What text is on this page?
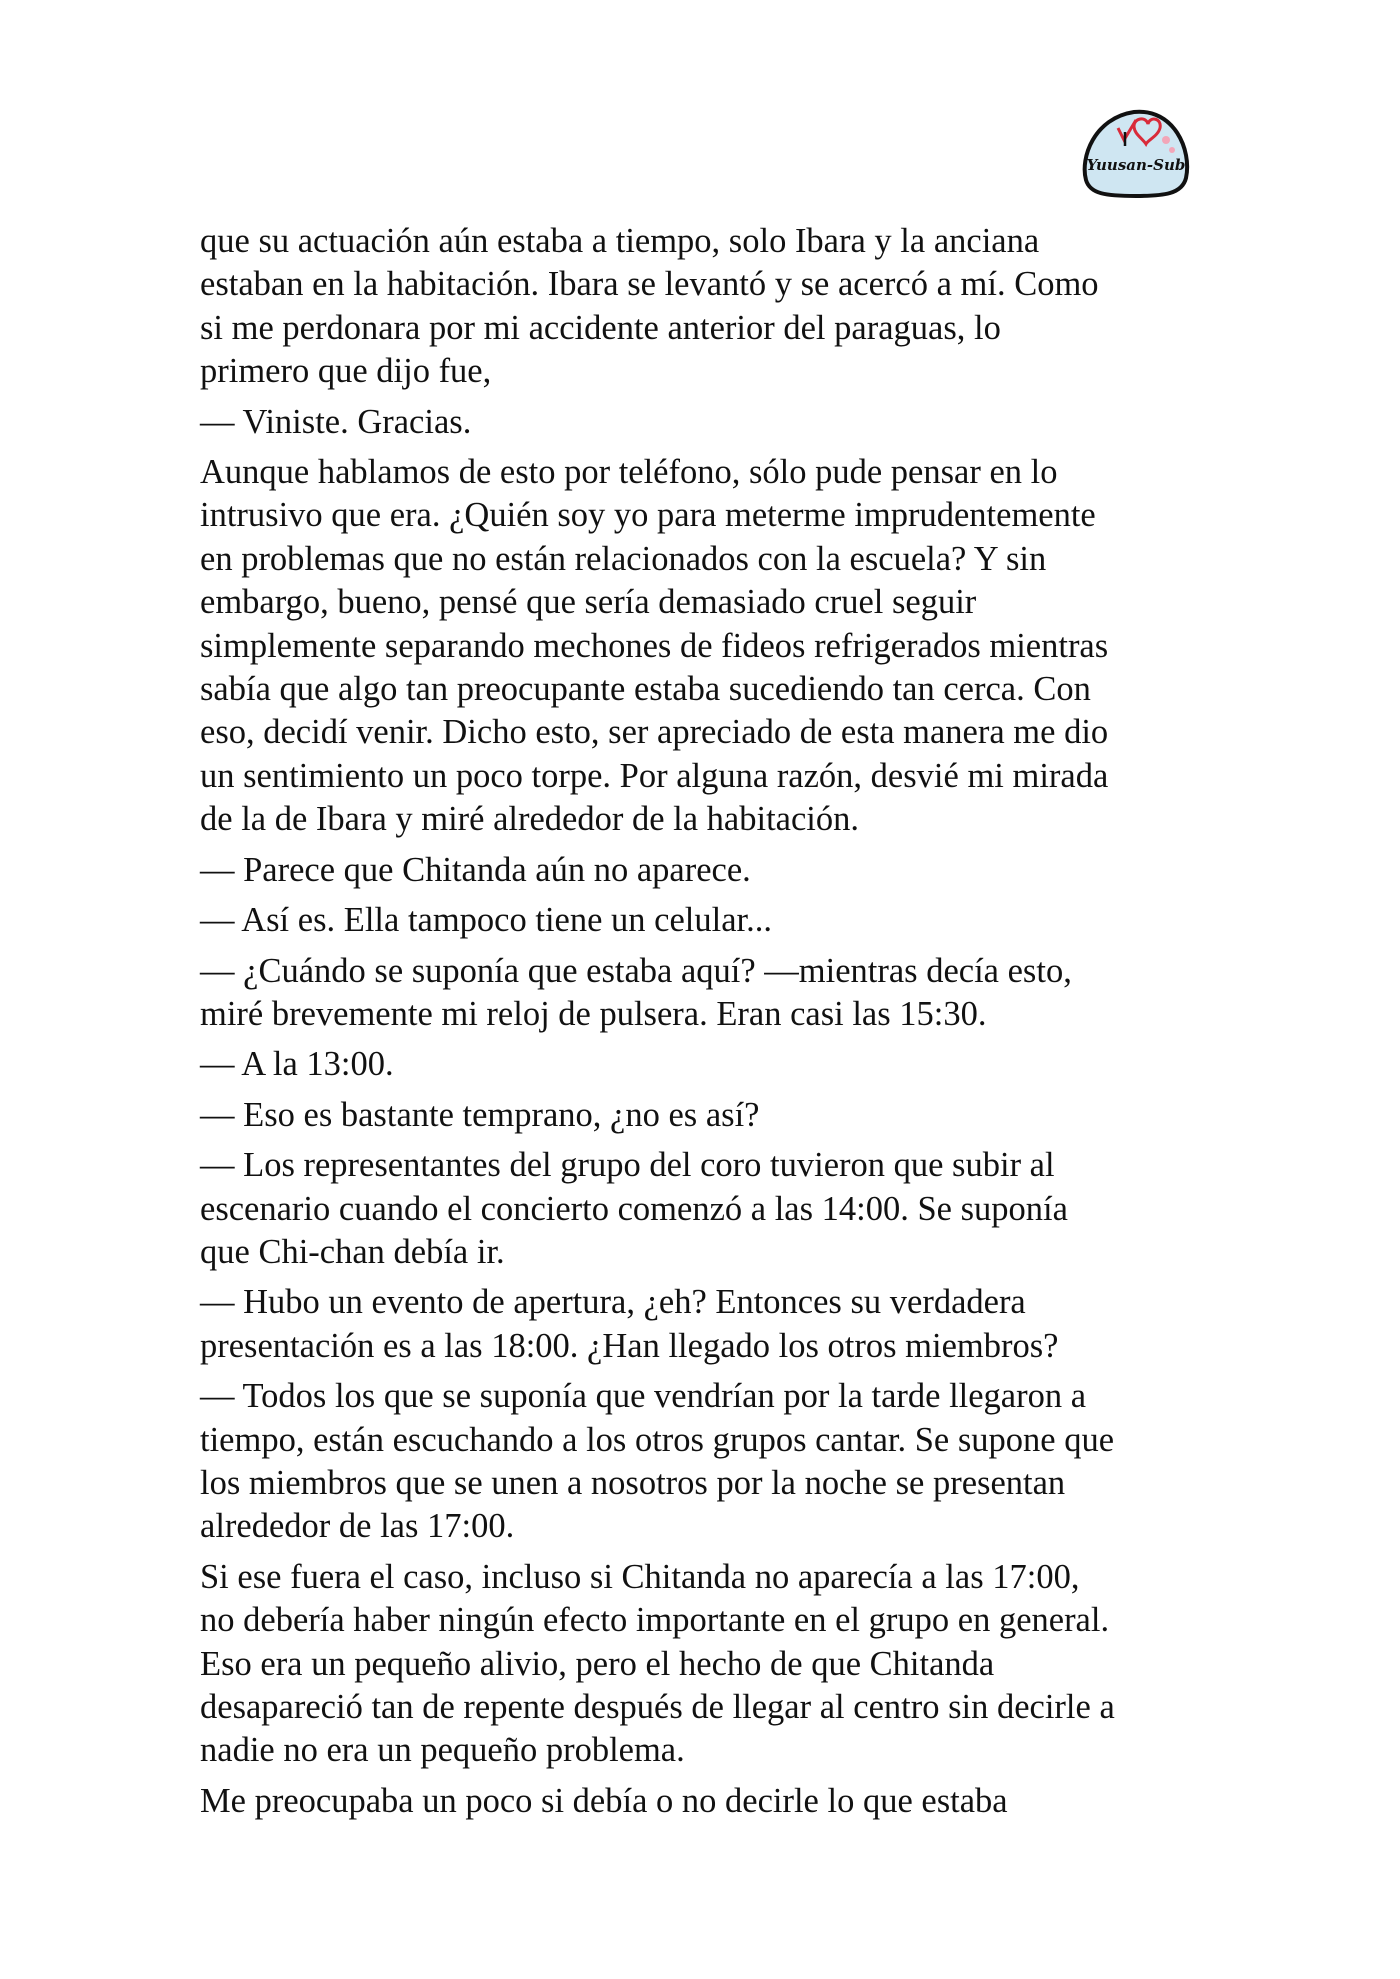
Yuusan-Sub

que su actuación aún estaba a tiempo, solo Ibara y la anciana
estaban en la habitación. Ibara se levantó y se acercó a mí. Como
si me perdonara por mi accidente anterior del paraguas, lo
primero que dijo fue,

— Viniste. Gracias.

Aunque hablamos de esto por teléfono, sólo pude pensar en lo
intrusivo que era. ¿Quién soy yo para meterme imprudentemente
en problemas que no están relacionados con la escuela? Y sin
embargo, bueno, pensé que sería demasiado cruel seguir
simplemente separando mechones de fideos refrigerados mientras
sabía que algo tan preocupante estaba sucediendo tan cerca. Con
eso, decidí venir. Dicho esto, ser apreciado de esta manera me dio
un sentimiento un poco torpe. Por alguna razón, desvié mi mirada
de la de Ibara y miré alrededor de la habitación.

— Parece que Chitanda aún no aparece.

— Así es. Ella tampoco tiene un celular...

— ¿Cuándo se suponía que estaba aquí? —mientras decía esto,
miré brevemente mi reloj de pulsera. Eran casi las 15:30.

— A la 13:00.

— Eso es bastante temprano, ¿no es así?

— Los representantes del grupo del coro tuvieron que subir al
escenario cuando el concierto comenzó a las 14:00. Se suponía
que Chi-chan debía ir.

— Hubo un evento de apertura, ¿eh? Entonces su verdadera
presentación es a las 18:00. ¿Han llegado los otros miembros?

— Todos los que se suponía que vendrían por la tarde llegaron a
tiempo, están escuchando a los otros grupos cantar. Se supone que
los miembros que se unen a nosotros por la noche se presentan
alrededor de las 17:00.

Si ese fuera el caso, incluso si Chitanda no aparecía a las 17:00,
no debería haber ningún efecto importante en el grupo en general.
Eso era un pequeño alivio, pero el hecho de que Chitanda
desapareció tan de repente después de llegar al centro sin decirle a
nadie no era un pequeño problema.

Me preocupaba un poco si debía o no decirle lo que estaba
